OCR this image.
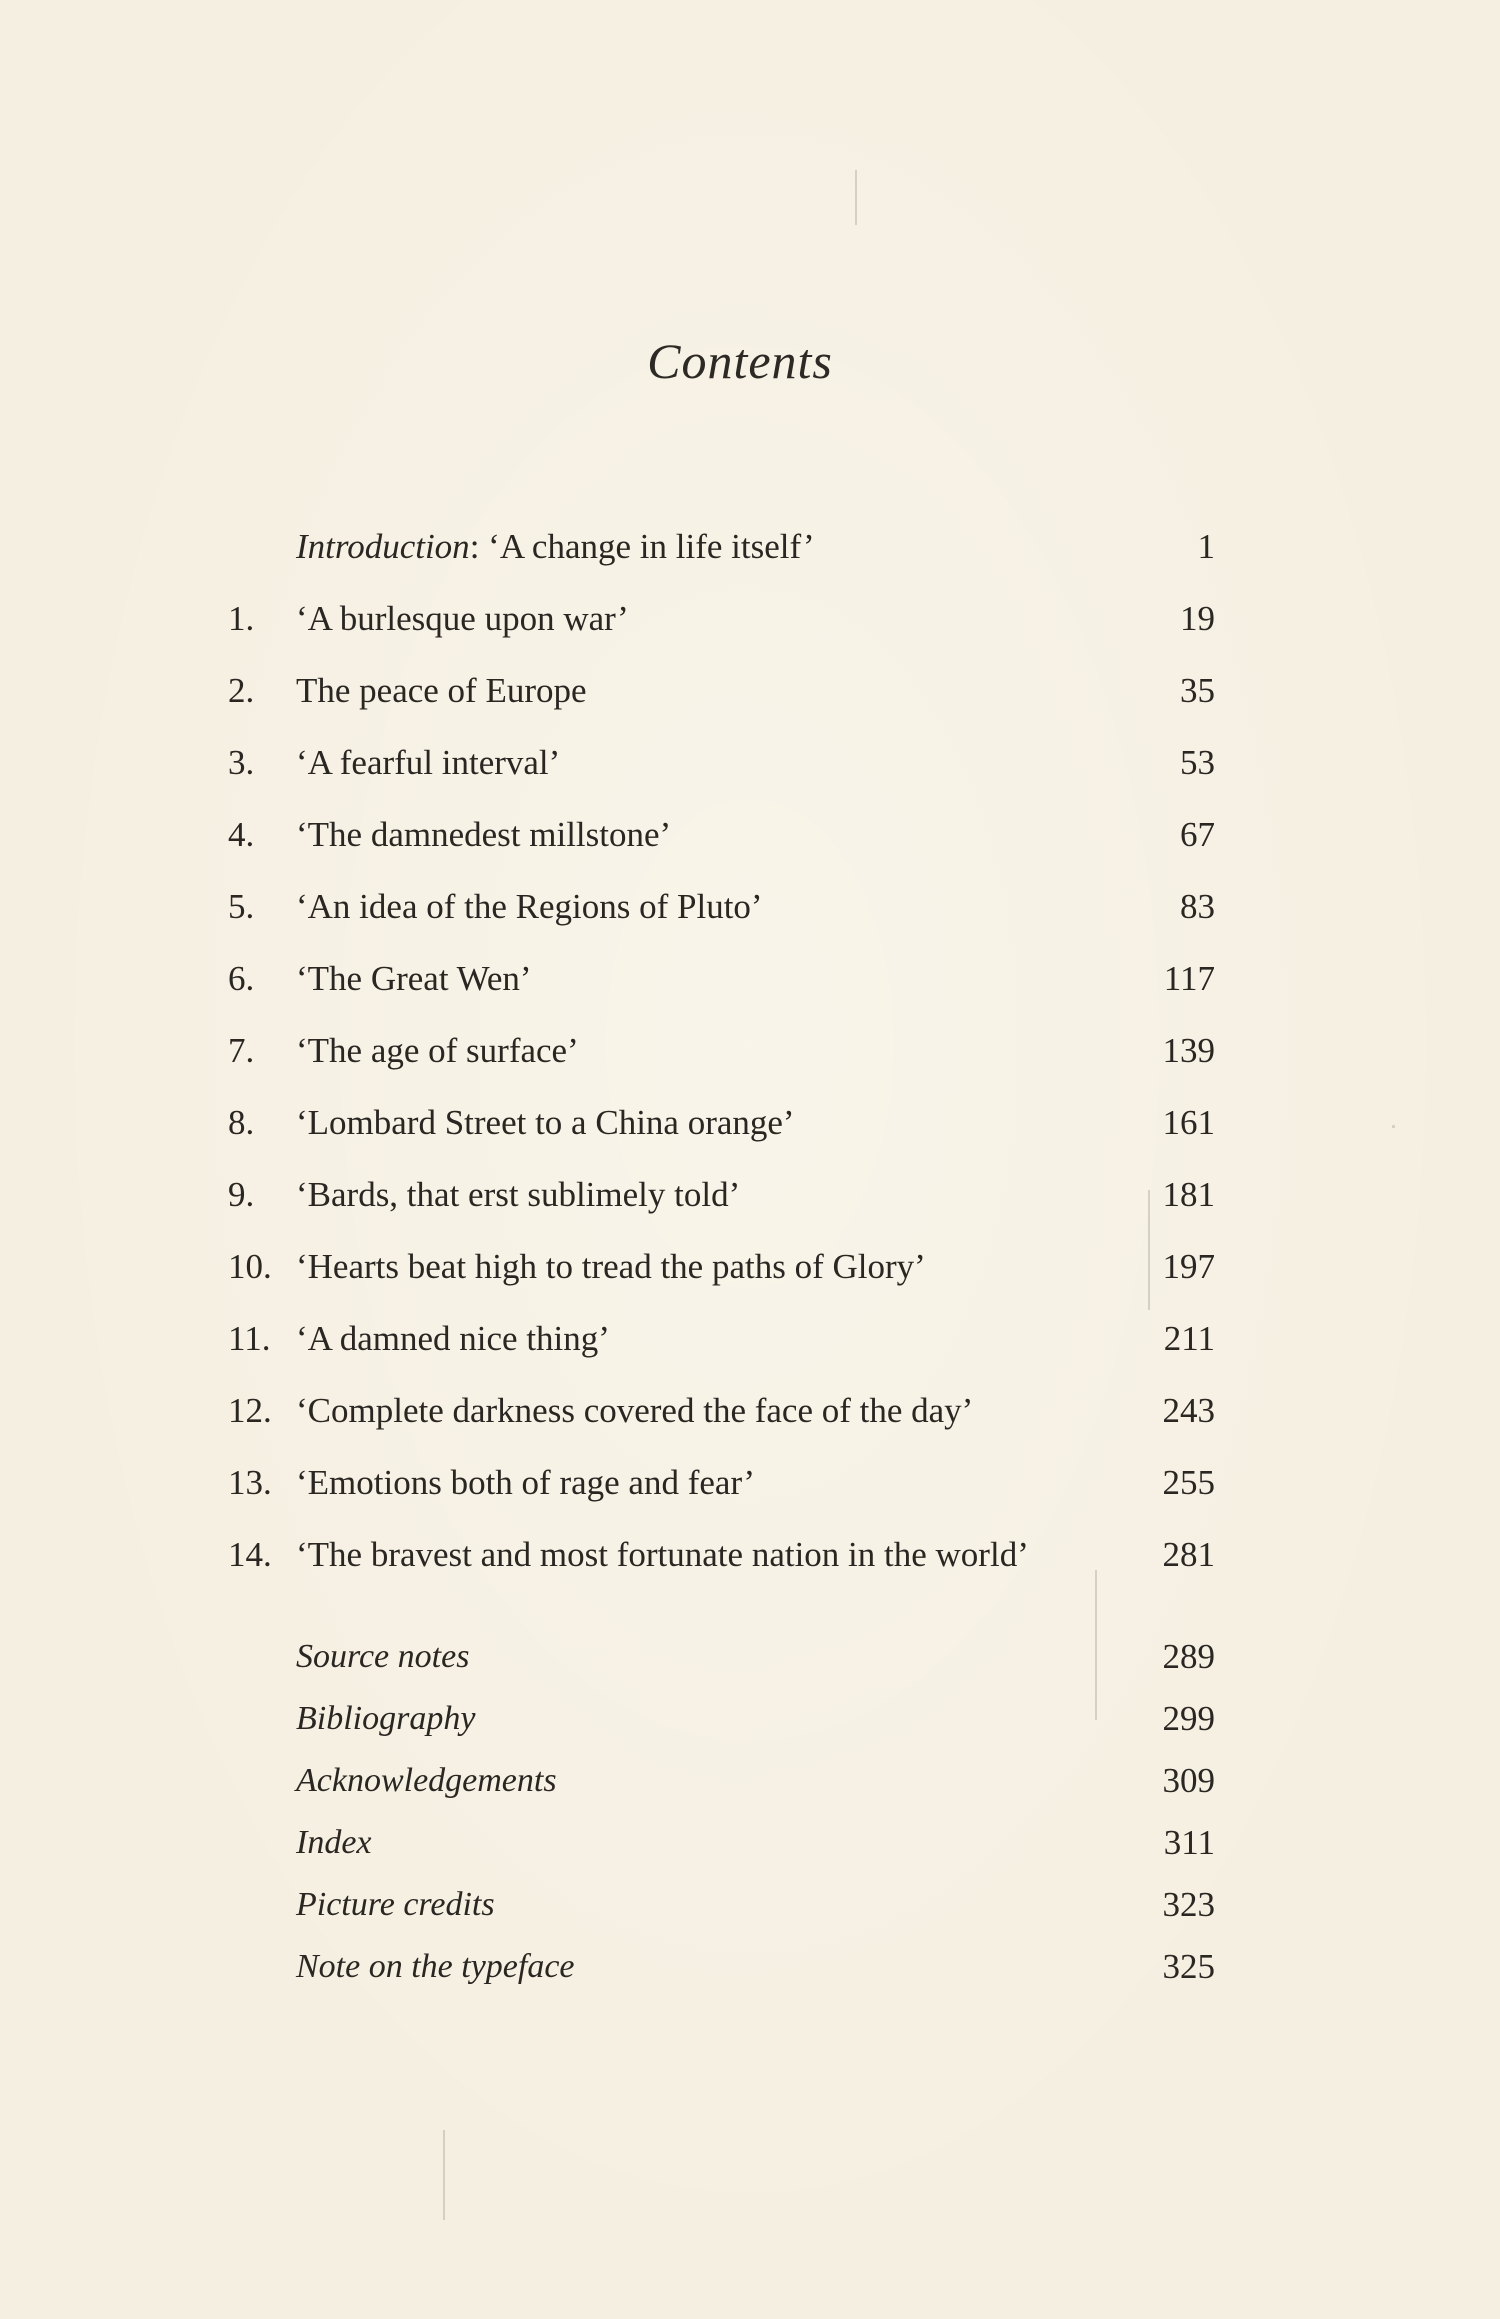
Contents
Introduction: ‘A change in life itself’	1
1.	‘A burlesque upon war’	19
2.	The peace of Europe	35
3.	‘A fearful interval’	53
4.	‘The damnedest millstone’	67
5.	‘An idea of the Regions of Pluto’	83
6.	‘The Great Wen’	117
7.	‘The age of surface’	139
8.	‘Lombard Street to a China orange’	161
9.	‘Bards, that erst sublimely told’	181
10. ‘Hearts beat high to tread the paths of Glory’	197
11. ‘A damned nice thing’	211
12. ‘Complete darkness covered the face of the day’	243
13. ‘Emotions both of rage and fear’	255
14. ‘The bravest and most fortunate nation in the world’	281
Source notes	289
Bibliography	299
Acknowledgements	309
Index	311
Picture credits	323
Note on the typeface	325
